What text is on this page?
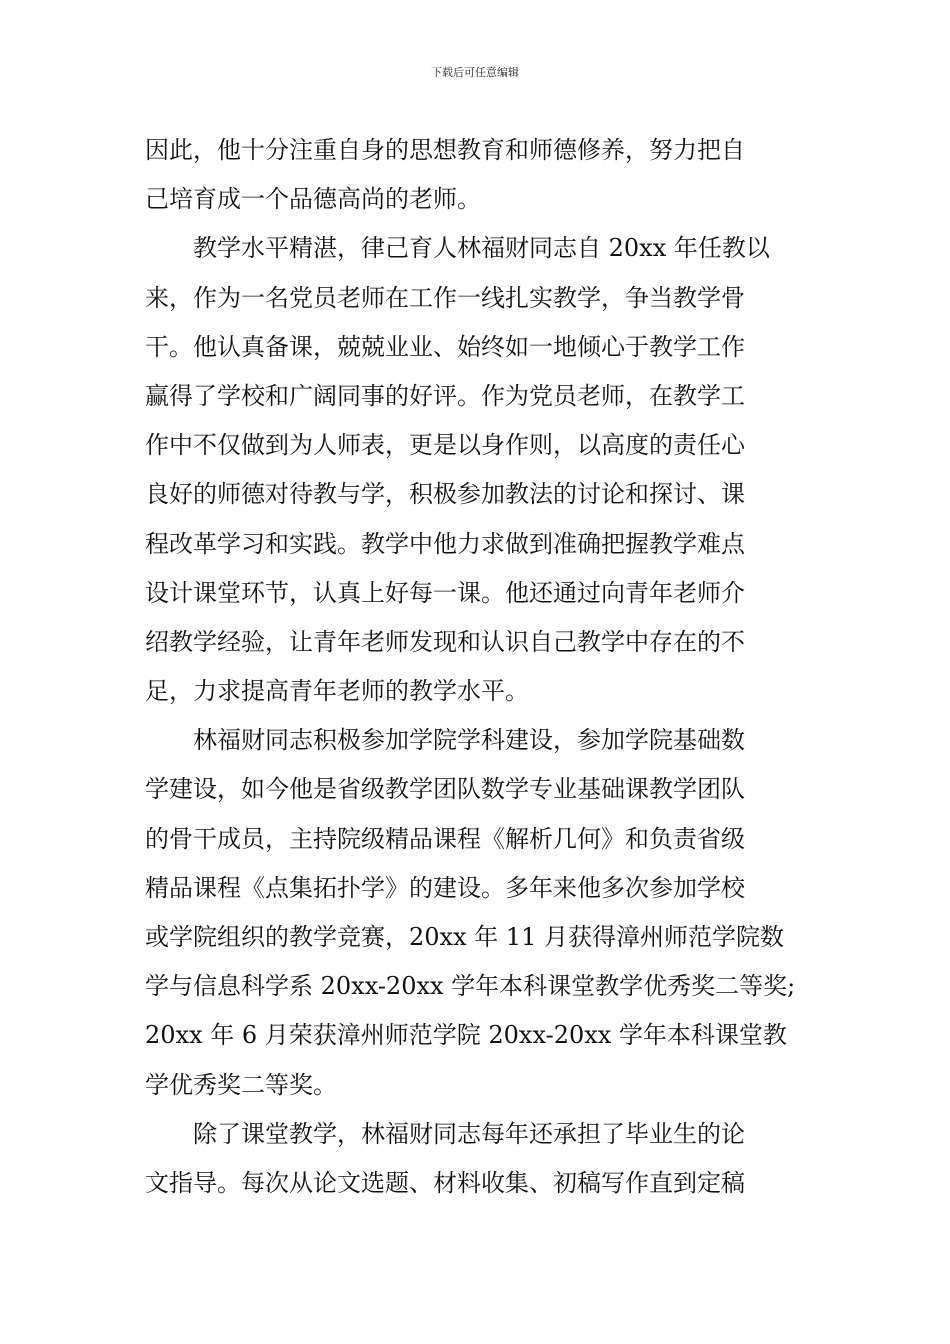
下载后可任意编辑
因此，他十分注重自身的思想教育和师德修养，努力把自
己培育成一个品德高尚的老师。
　　教学水平精湛，律己育人林福财同志自 20xx 年任教以
来，作为一名党员老师在工作一线扎实教学，争当教学骨
干。他认真备课，兢兢业业、始终如一地倾心于教学工作
赢得了学校和广阔同事的好评。作为党员老师，在教学工
作中不仅做到为人师表，更是以身作则，以高度的责任心
良好的师德对待教与学，积极参加教法的讨论和探讨、课
程改革学习和实践。教学中他力求做到准确把握教学难点
设计课堂环节，认真上好每一课。他还通过向青年老师介
绍教学经验，让青年老师发现和认识自己教学中存在的不
足，力求提高青年老师的教学水平。
　　林福财同志积极参加学院学科建设，参加学院基础数
学建设，如今他是省级教学团队数学专业基础课教学团队
的骨干成员，主持院级精品课程《解析几何》和负责省级
精品课程《点集拓扑学》的建设。多年来他多次参加学校
或学院组织的教学竞赛，20xx 年 11 月获得漳州师范学院数
学与信息科学系 20xx-20xx 学年本科课堂教学优秀奖二等奖;
20xx 年 6 月荣获漳州师范学院 20xx-20xx 学年本科课堂教
学优秀奖二等奖。
　　除了课堂教学，林福财同志每年还承担了毕业生的论
文指导。每次从论文选题、材料收集、初稿写作直到定稿
